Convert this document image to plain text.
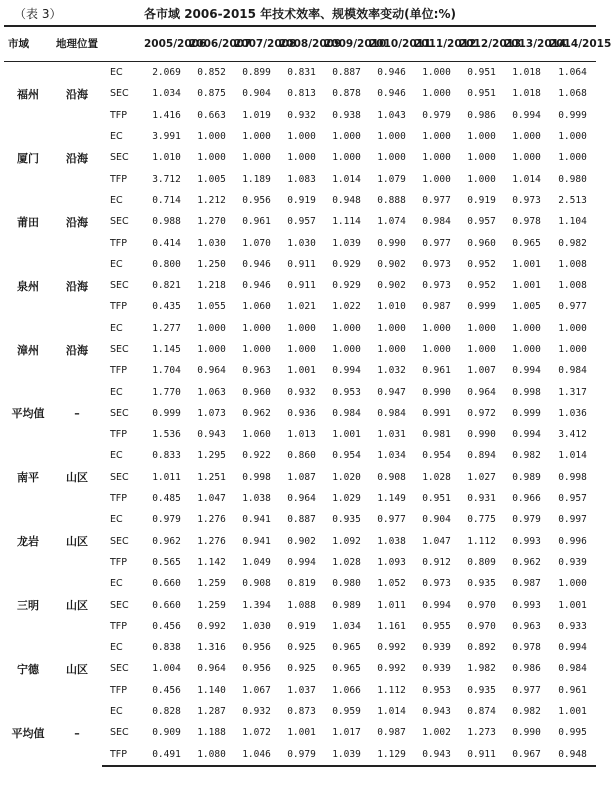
（表 3）	各市域 2006-2015 年技术效率、规模效率变动(单位:%)
市域	地理位置		2005/2006	2006/2007	2007/2008	2008/2009	2009/2010	2010/2011	2011/2012	2012/2013	2013/2014	2014/2015
福州	沿海	EC	2.069	0.852	0.899	0.831	0.887	0.946	1.000	0.951	1.018	1.064
		SEC	1.034	0.875	0.904	0.813	0.878	0.946	1.000	0.951	1.018	1.068
		TFP	1.416	0.663	1.019	0.932	0.938	1.043	0.979	0.986	0.994	0.999
厦门	沿海	EC	3.991	1.000	1.000	1.000	1.000	1.000	1.000	1.000	1.000	1.000
		SEC	1.010	1.000	1.000	1.000	1.000	1.000	1.000	1.000	1.000	1.000
		TFP	3.712	1.005	1.189	1.083	1.014	1.079	1.000	1.000	1.014	0.980
莆田	沿海	EC	0.714	1.212	0.956	0.919	0.948	0.888	0.977	0.919	0.973	2.513
		SEC	0.988	1.270	0.961	0.957	1.114	1.074	0.984	0.957	0.978	1.104
		TFP	0.414	1.030	1.070	1.030	1.039	0.990	0.977	0.960	0.965	0.982
泉州	沿海	EC	0.800	1.250	0.946	0.911	0.929	0.902	0.973	0.952	1.001	1.008
		SEC	0.821	1.218	0.946	0.911	0.929	0.902	0.973	0.952	1.001	1.008
		TFP	0.435	1.055	1.060	1.021	1.022	1.010	0.987	0.999	1.005	0.977
漳州	沿海	EC	1.277	1.000	1.000	1.000	1.000	1.000	1.000	1.000	1.000	1.000
		SEC	1.145	1.000	1.000	1.000	1.000	1.000	1.000	1.000	1.000	1.000
		TFP	1.704	0.964	0.963	1.001	0.994	1.032	0.961	1.007	0.994	0.984
平均值	–	EC	1.770	1.063	0.960	0.932	0.953	0.947	0.990	0.964	0.998	1.317
		SEC	0.999	1.073	0.962	0.936	0.984	0.984	0.991	0.972	0.999	1.036
		TFP	1.536	0.943	1.060	1.013	1.001	1.031	0.981	0.990	0.994	3.412
南平	山区	EC	0.833	1.295	0.922	0.860	0.954	1.034	0.954	0.894	0.982	1.014
		SEC	1.011	1.251	0.998	1.087	1.020	0.908	1.028	1.027	0.989	0.998
		TFP	0.485	1.047	1.038	0.964	1.029	1.149	0.951	0.931	0.966	0.957
龙岩	山区	EC	0.979	1.276	0.941	0.887	0.935	0.977	0.904	0.775	0.979	0.997
		SEC	0.962	1.276	0.941	0.902	1.092	1.038	1.047	1.112	0.993	0.996
		TFP	0.565	1.142	1.049	0.994	1.028	1.093	0.912	0.809	0.962	0.939
三明	山区	EC	0.660	1.259	0.908	0.819	0.980	1.052	0.973	0.935	0.987	1.000
		SEC	0.660	1.259	1.394	1.088	0.989	1.011	0.994	0.970	0.993	1.001
		TFP	0.456	0.992	1.030	0.919	1.034	1.161	0.955	0.970	0.963	0.933
宁德	山区	EC	0.838	1.316	0.956	0.925	0.965	0.992	0.939	0.892	0.978	0.994
		SEC	1.004	0.964	0.956	0.925	0.965	0.992	0.939	1.982	0.986	0.984
		TFP	0.456	1.140	1.067	1.037	1.066	1.112	0.953	0.935	0.977	0.961
平均值	–	EC	0.828	1.287	0.932	0.873	0.959	1.014	0.943	0.874	0.982	1.001
		SEC	0.909	1.188	1.072	1.001	1.017	0.987	1.002	1.273	0.990	0.995
		TFP	0.491	1.080	1.046	0.979	1.039	1.129	0.943	0.911	0.967	0.948
